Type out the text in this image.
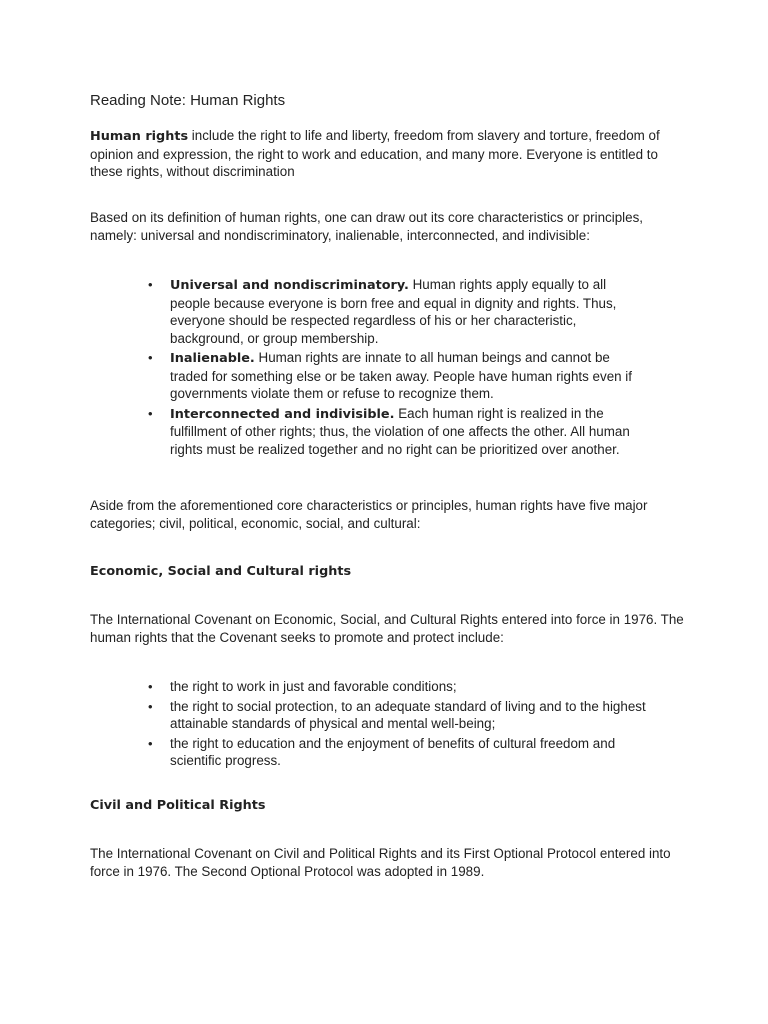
Reading Note: Human Rights

Human rights include the right to life and liberty, freedom from slavery and torture, freedom of opinion and expression, the right to work and education, and many more. Everyone is entitled to these rights, without discrimination

Based on its definition of human rights, one can draw out its core characteristics or principles, namely: universal and nondiscriminatory, inalienable, interconnected, and indivisible:

• Universal and nondiscriminatory. Human rights apply equally to all people because everyone is born free and equal in dignity and rights. Thus, everyone should be respected regardless of his or her characteristic, background, or group membership.
• Inalienable. Human rights are innate to all human beings and cannot be traded for something else or be taken away. People have human rights even if governments violate them or refuse to recognize them.
• Interconnected and indivisible. Each human right is realized in the fulfillment of other rights; thus, the violation of one affects the other. All human rights must be realized together and no right can be prioritized over another.

Aside from the aforementioned core characteristics or principles, human rights have five major categories; civil, political, economic, social, and cultural:

Economic, Social and Cultural rights

The International Covenant on Economic, Social, and Cultural Rights entered into force in 1976. The human rights that the Covenant seeks to promote and protect include:

• the right to work in just and favorable conditions;
• the right to social protection, to an adequate standard of living and to the highest attainable standards of physical and mental well-being;
• the right to education and the enjoyment of benefits of cultural freedom and scientific progress.
Civil and Political Rights

The International Covenant on Civil and Political Rights and its First Optional Protocol entered into force in 1976. The Second Optional Protocol was adopted in 1989.
